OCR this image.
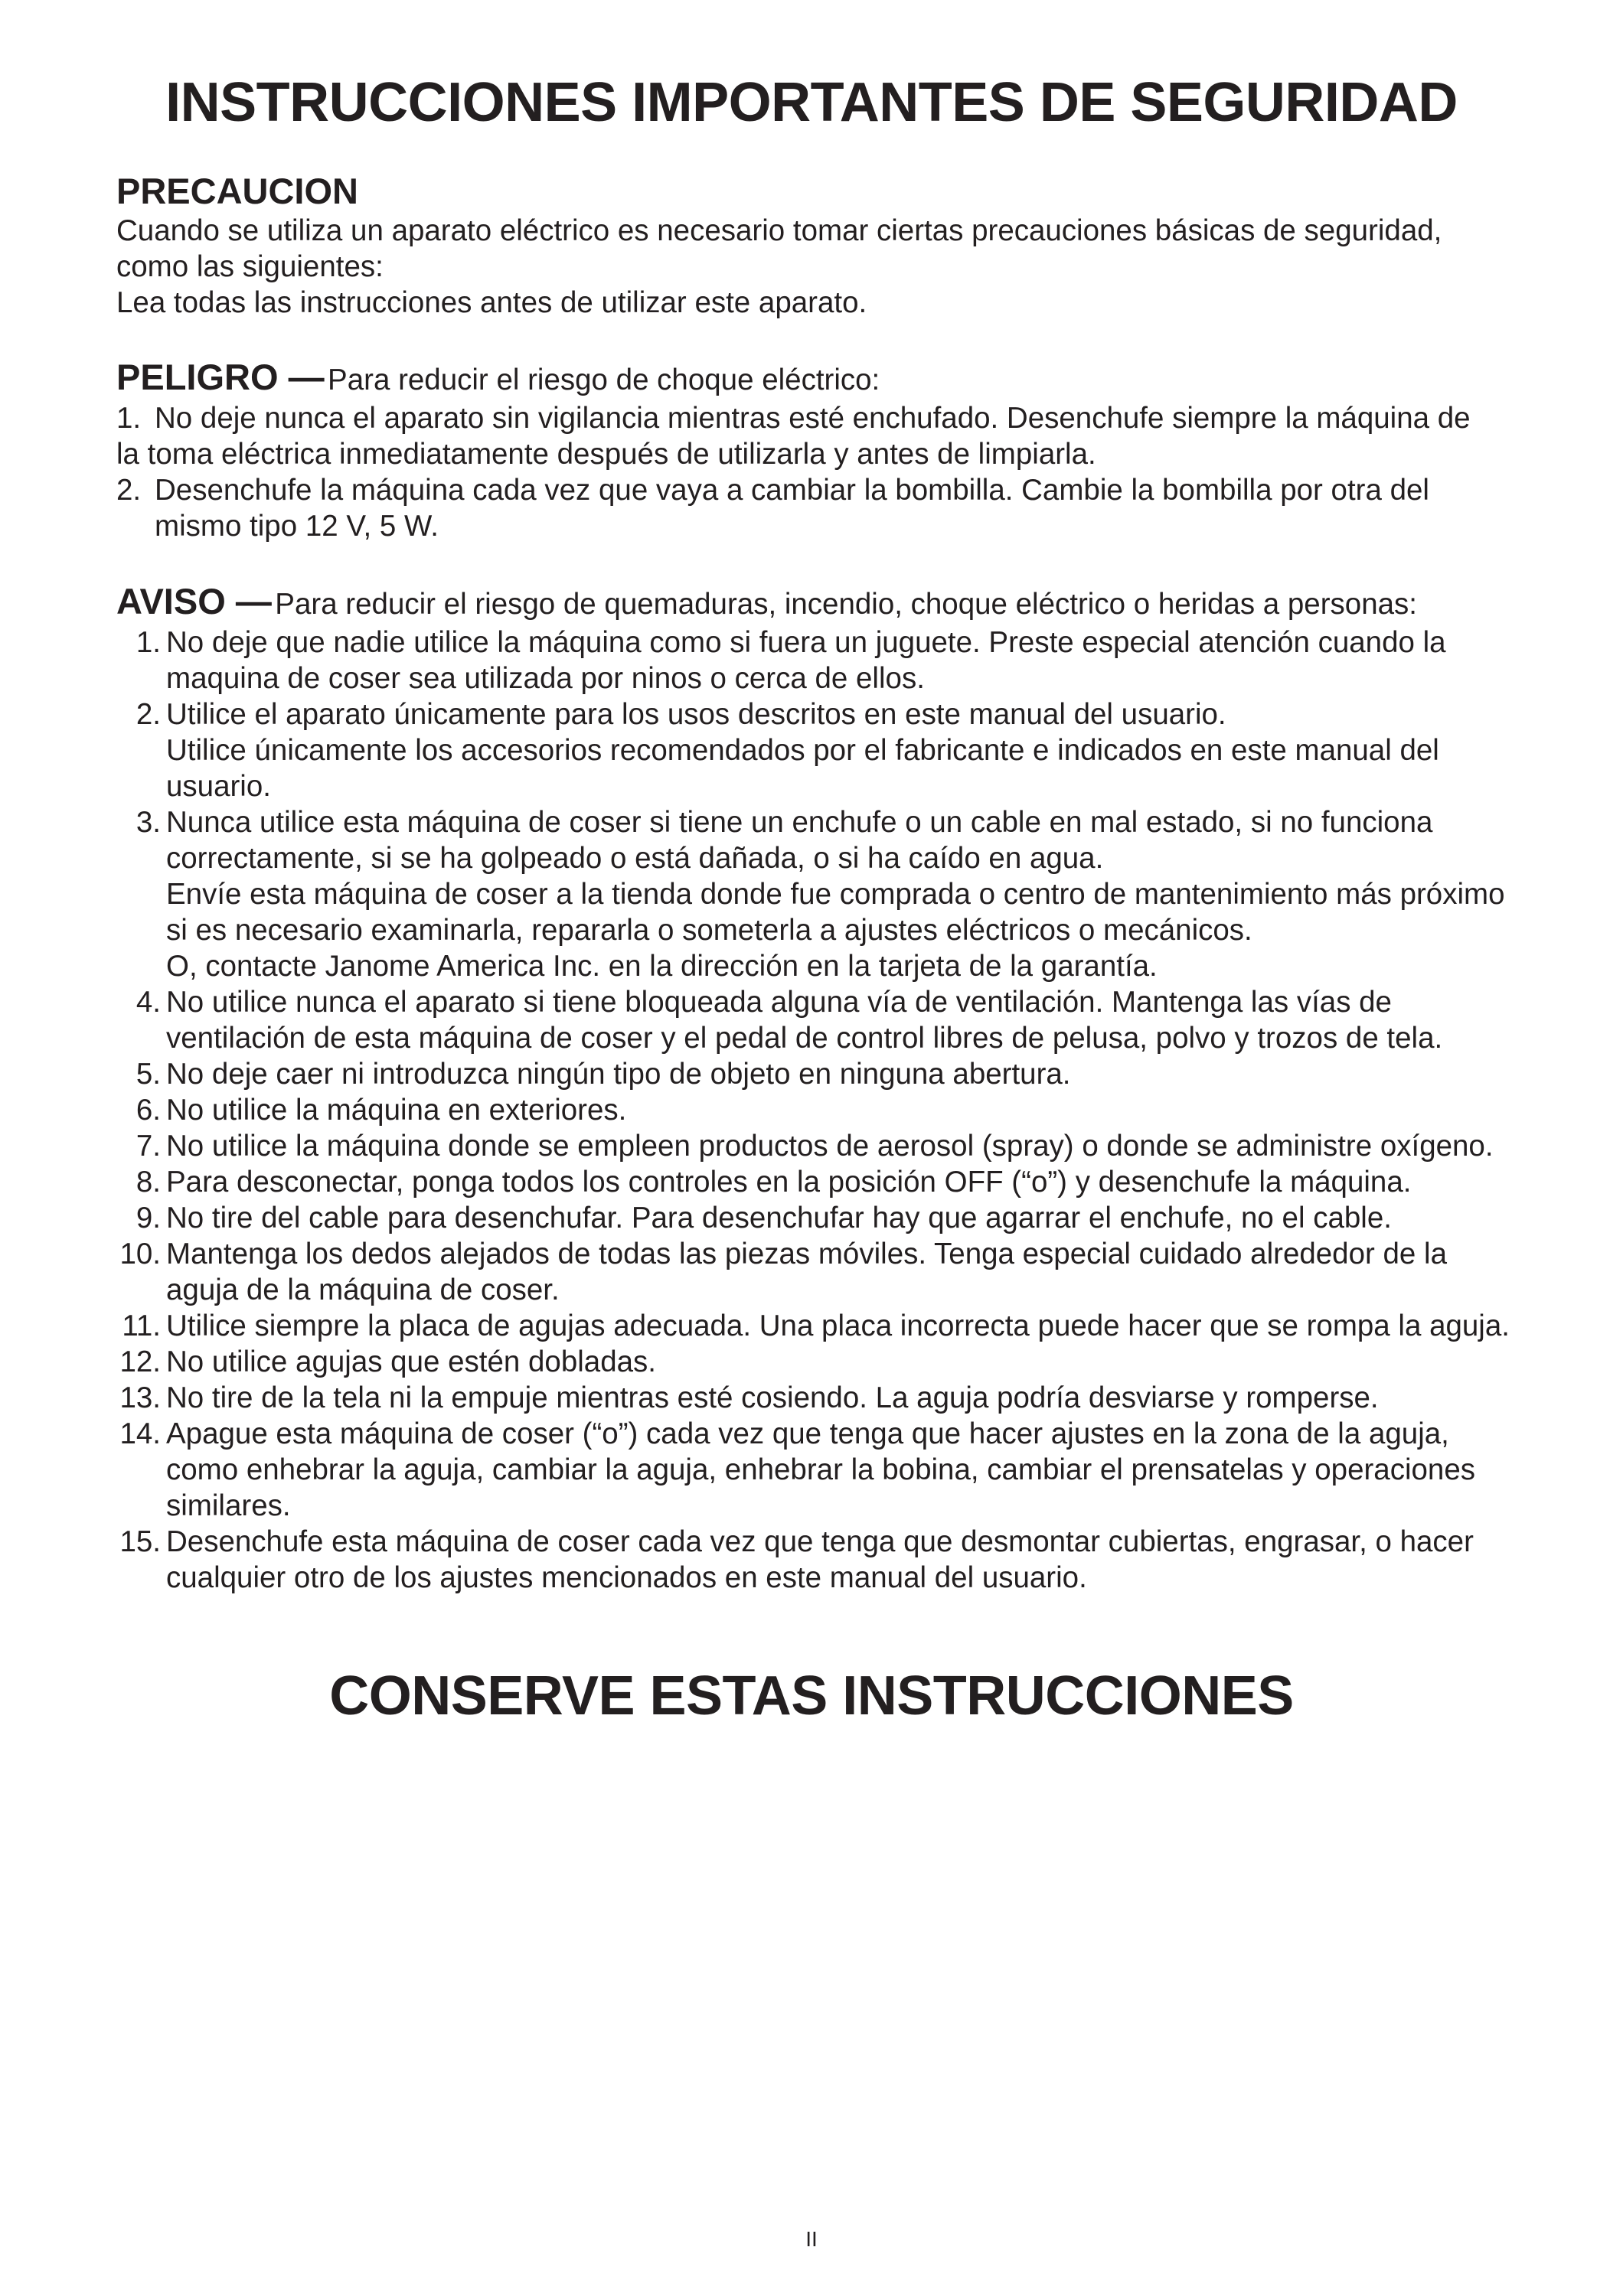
INSTRUCCIONES IMPORTANTES DE SEGURIDAD
PRECAUCION
Cuando se utiliza un aparato eléctrico es necesario tomar ciertas precauciones básicas de seguridad,
como las siguientes:
Lea todas las instrucciones antes de utilizar este aparato.
PELIGRO — Para reducir el riesgo de choque eléctrico:
1. No deje nunca el aparato sin vigilancia mientras esté enchufado. Desenchufe siempre la máquina de
la toma eléctrica inmediatamente después de utilizarla y antes de limpiarla.
2. Desenchufe la máquina cada vez que vaya a cambiar la bombilla. Cambie la bombilla por otra del
mismo tipo 12 V, 5 W.
AVISO — Para reducir el riesgo de quemaduras, incendio, choque eléctrico o heridas a personas:
1. No deje que nadie utilice la máquina como si fuera un juguete. Preste especial atención cuando la
maquina de coser sea utilizada por ninos o cerca de ellos.
2. Utilice el aparato únicamente para los usos descritos en este manual del usuario.
Utilice únicamente los accesorios recomendados por el fabricante e indicados en este manual del
usuario.
3. Nunca utilice esta máquina de coser si tiene un enchufe o un cable en mal estado, si no funciona
correctamente, si se ha golpeado o está dañada, o si ha caído en agua.
Envíe esta máquina de coser a la tienda donde fue comprada o centro de mantenimiento más próximo
si es necesario examinarla, repararla o someterla a ajustes eléctricos o mecánicos.
O, contacte Janome America Inc. en la dirección en la tarjeta de la garantía.
4. No utilice nunca el aparato si tiene bloqueada alguna vía de ventilación. Mantenga las vías de
ventilación de esta máquina de coser y el pedal de control libres de pelusa, polvo y trozos de tela.
5. No deje caer ni introduzca ningún tipo de objeto en ninguna abertura.
6. No utilice la máquina en exteriores.
7. No utilice la máquina donde se empleen productos de aerosol (spray) o donde se administre oxígeno.
8. Para desconectar, ponga todos los controles en la posición OFF (“o”) y desenchufe la máquina.
9. No tire del cable para desenchufar. Para desenchufar hay que agarrar el enchufe, no el cable.
10. Mantenga los dedos alejados de todas las piezas móviles. Tenga especial cuidado alrededor de la
aguja de la máquina de coser.
11. Utilice siempre la placa de agujas adecuada. Una placa incorrecta puede hacer que se rompa la aguja.
12. No utilice agujas que estén dobladas.
13. No tire de la tela ni la empuje mientras esté cosiendo. La aguja podría desviarse y romperse.
14. Apague esta máquina de coser (“o”) cada vez que tenga que hacer ajustes en la zona de la aguja,
como enhebrar la aguja, cambiar la aguja, enhebrar la bobina, cambiar el prensatelas y operaciones
similares.
15. Desenchufe esta máquina de coser cada vez que tenga que desmontar cubiertas, engrasar, o hacer
cualquier otro de los ajustes mencionados en este manual del usuario.
CONSERVE ESTAS INSTRUCCIONES
II
